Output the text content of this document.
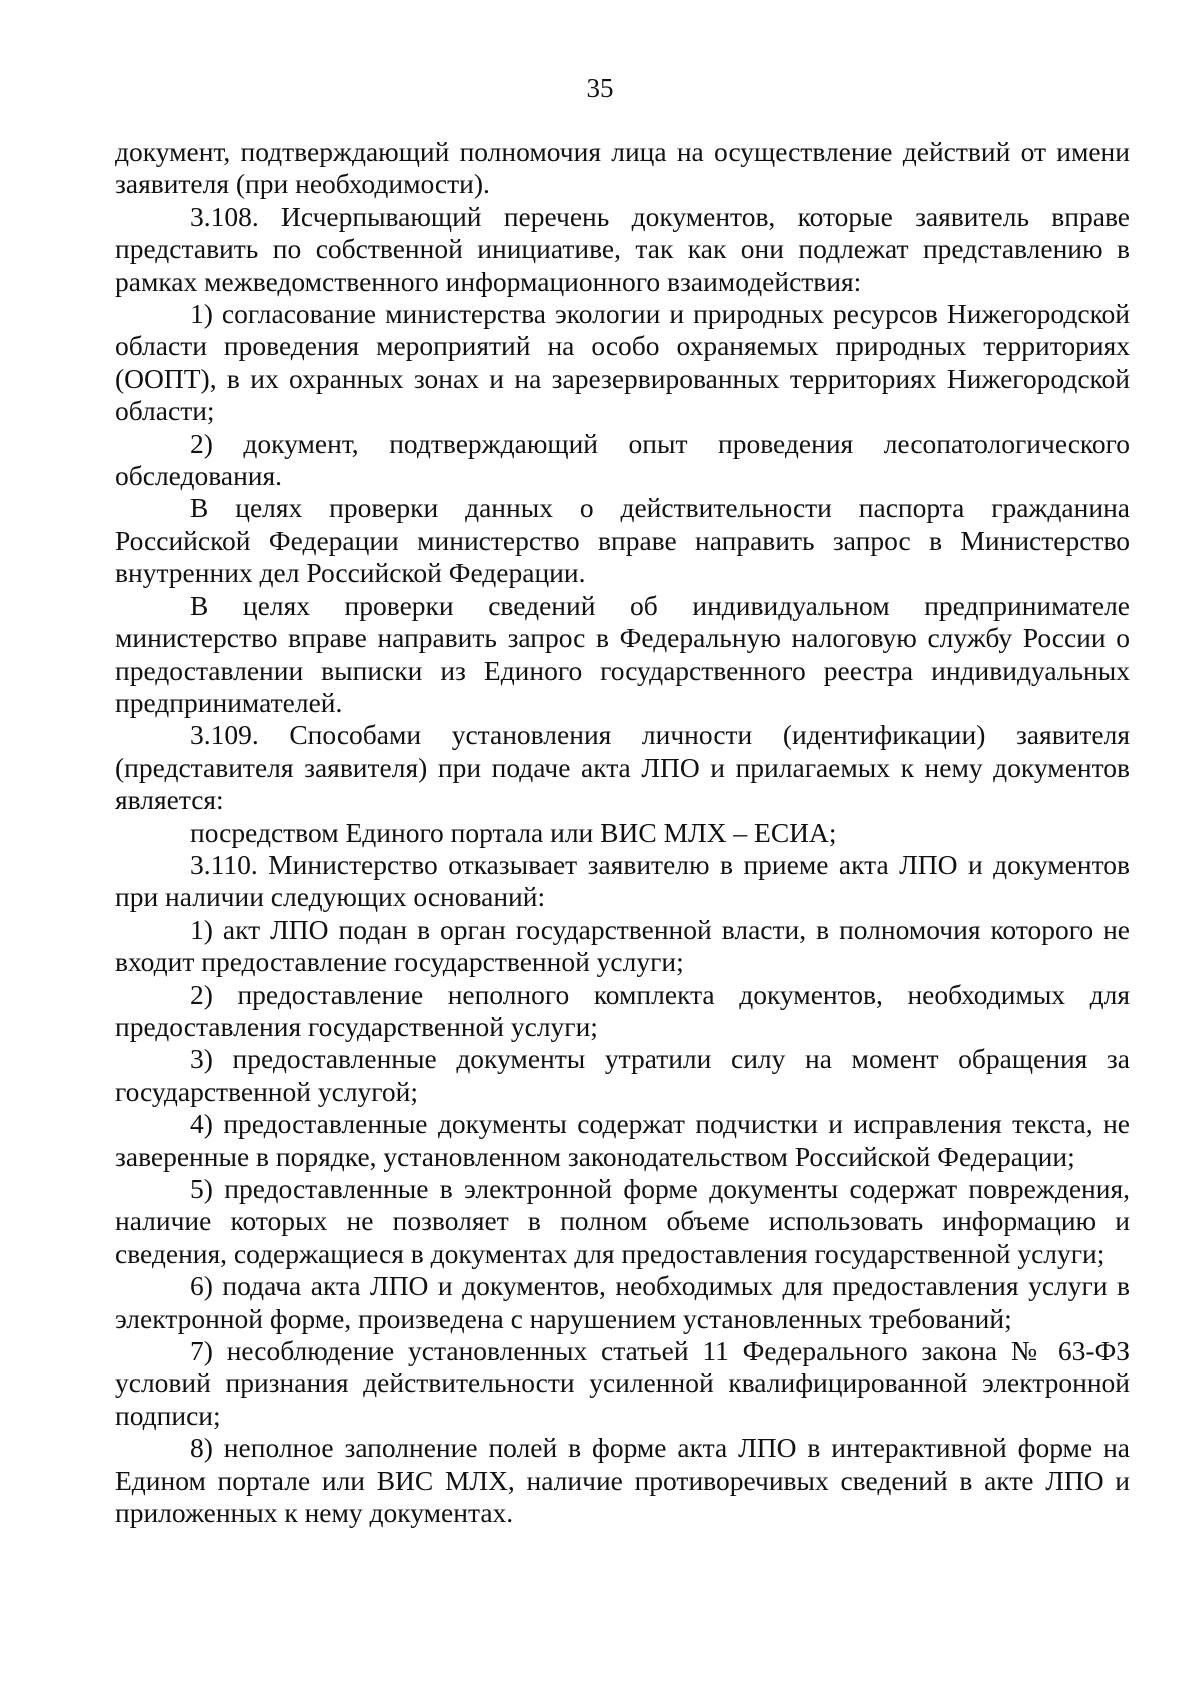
35

документ, подтверждающий полномочия лица на осуществление действий от имени заявителя (при необходимости).

3.108. Исчерпывающий перечень документов, которые заявитель вправе представить по собственной инициативе, так как они подлежат представлению в рамках межведомственного информационного взаимодействия:

1) согласование министерства экологии и природных ресурсов Нижегородской области проведения мероприятий на особо охраняемых природных территориях (ООПТ), в их охранных зонах и на зарезервированных территориях Нижегородской области;

2) документ, подтверждающий опыт проведения лесопатологического обследования.

В целях проверки данных о действительности паспорта гражданина Российской Федерации министерство вправе направить запрос в Министерство внутренних дел Российской Федерации.

В целях проверки сведений об индивидуальном предпринимателе министерство вправе направить запрос в Федеральную налоговую службу России о предоставлении выписки из Единого государственного реестра индивидуальных предпринимателей.

3.109. Способами установления личности (идентификации) заявителя (представителя заявителя) при подаче акта ЛПО и прилагаемых к нему документов является:

посредством Единого портала или ВИС МЛХ – ЕСИА;

3.110. Министерство отказывает заявителю в приеме акта ЛПО и документов при наличии следующих оснований:

1) акт ЛПО подан в орган государственной власти, в полномочия которого не входит предоставление государственной услуги;

2) предоставление неполного комплекта документов, необходимых для предоставления государственной услуги;

3) предоставленные документы утратили силу на момент обращения за государственной услугой;

4) предоставленные документы содержат подчистки и исправления текста, не заверенные в порядке, установленном законодательством Российской Федерации;

5) предоставленные в электронной форме документы содержат повреждения, наличие которых не позволяет в полном объеме использовать информацию и сведения, содержащиеся в документах для предоставления государственной услуги;

6) подача акта ЛПО и документов, необходимых для предоставления услуги в электронной форме, произведена с нарушением установленных требований;

7) несоблюдение установленных статьей 11 Федерального закона № 63-ФЗ условий признания действительности усиленной квалифицированной электронной подписи;

8) неполное заполнение полей в форме акта ЛПО в интерактивной форме на Едином портале или ВИС МЛХ, наличие противоречивых сведений в акте ЛПО и приложенных к нему документах.
